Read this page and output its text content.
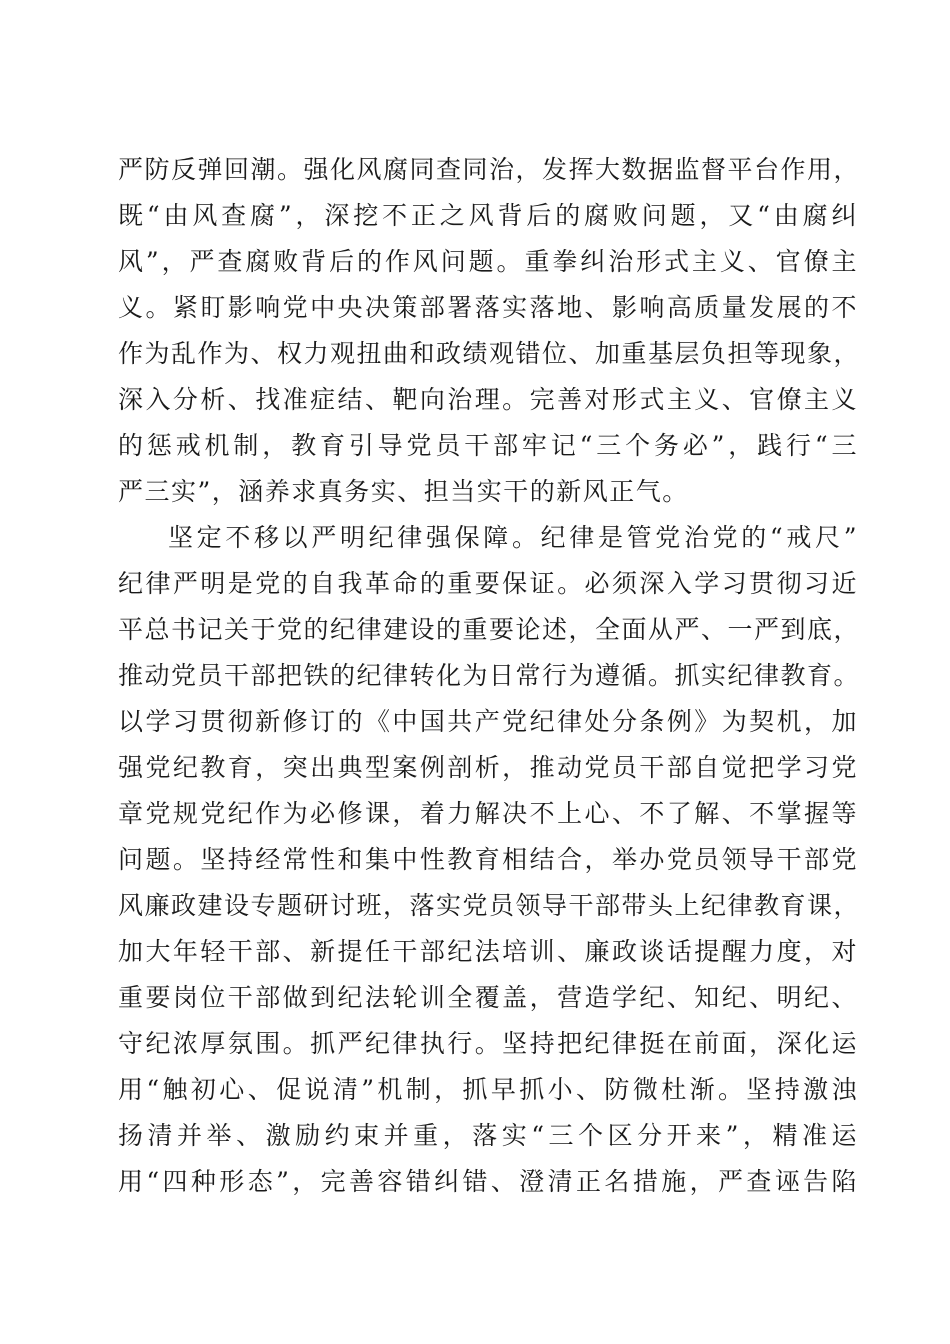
严防反弹回潮。强化风腐同查同治，发挥大数据监督平台作用，
既“由风查腐”，深挖不正之风背后的腐败问题，又“由腐纠
风”，严查腐败背后的作风问题。重拳纠治形式主义、官僚主
义。紧盯影响党中央决策部署落实落地、影响高质量发展的不
作为乱作为、权力观扭曲和政绩观错位、加重基层负担等现象，
深入分析、找准症结、靶向治理。完善对形式主义、官僚主义
的惩戒机制，教育引导党员干部牢记“三个务必”，践行“三
严三实”，涵养求真务实、担当实干的新风正气。
坚定不移以严明纪律强保障。纪律是管党治党的“戒尺”
纪律严明是党的自我革命的重要保证。必须深入学习贯彻习近
平总书记关于党的纪律建设的重要论述，全面从严、一严到底，
推动党员干部把铁的纪律转化为日常行为遵循。抓实纪律教育。
以学习贯彻新修订的《中国共产党纪律处分条例》为契机，加
强党纪教育，突出典型案例剖析，推动党员干部自觉把学习党
章党规党纪作为必修课，着力解决不上心、不了解、不掌握等
问题。坚持经常性和集中性教育相结合，举办党员领导干部党
风廉政建设专题研讨班，落实党员领导干部带头上纪律教育课，
加大年轻干部、新提任干部纪法培训、廉政谈话提醒力度，对
重要岗位干部做到纪法轮训全覆盖，营造学纪、知纪、明纪、
守纪浓厚氛围。抓严纪律执行。坚持把纪律挺在前面，深化运
用“触初心、促说清”机制，抓早抓小、防微杜渐。坚持激浊
扬清并举、激励约束并重，落实“三个区分开来”，精准运
用“四种形态”，完善容错纠错、澄清正名措施，严查诬告陷
